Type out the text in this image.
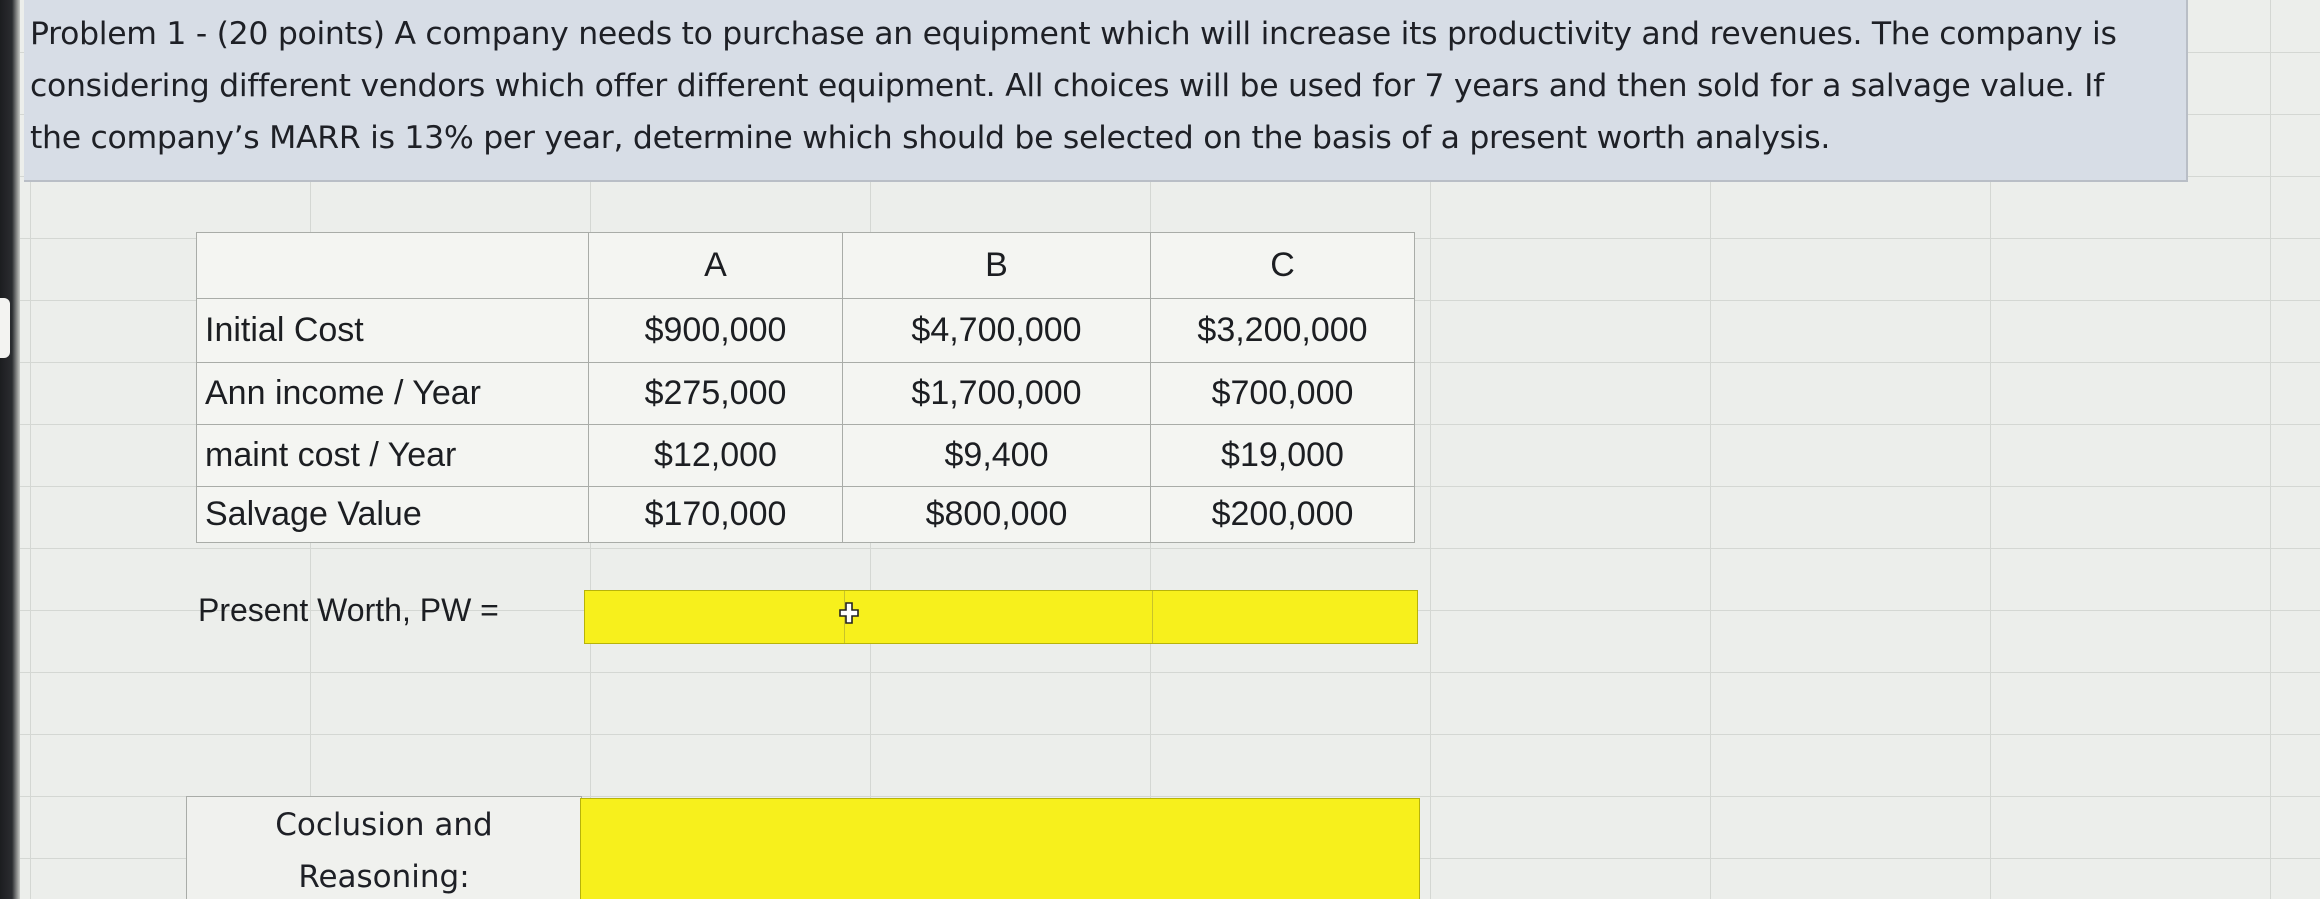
Problem 1 - (20 points) A company needs to purchase an equipment which will increase its productivity and revenues. The company is
considering different vendors which offer different equipment. All choices will be used for 7 years and then sold for a salvage value. If
the company’s MARR is 13% per year, determine which should be selected on the basis of a present worth analysis.
	A	B	C
Initial Cost	$900,000	$4,700,000	$3,200,000
Ann income / Year	$275,000	$1,700,000	$700,000
maint cost / Year	$12,000	$9,400	$19,000
Salvage Value	$170,000	$800,000	$200,000
Present Worth, PW =
Coclusion and
Reasoning:
